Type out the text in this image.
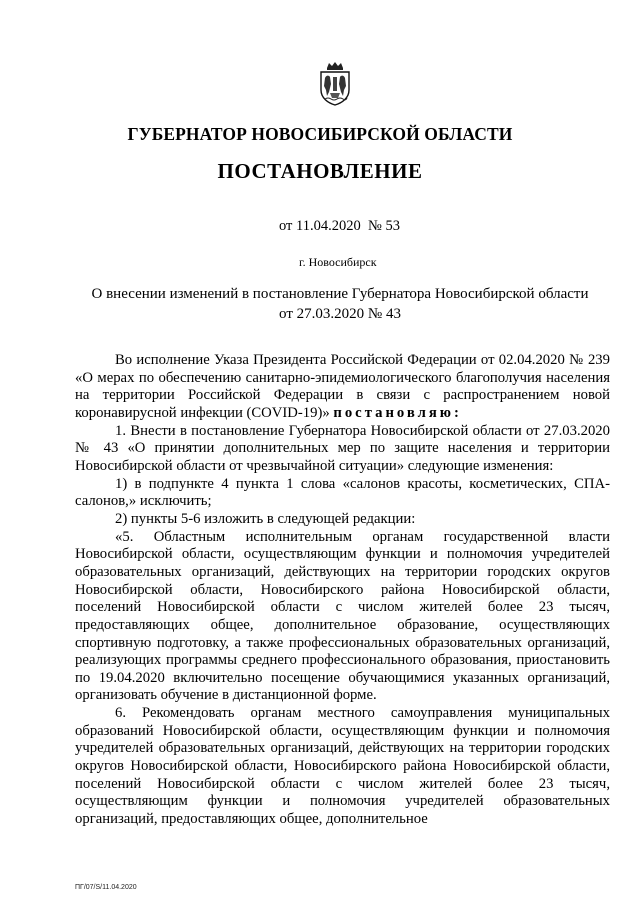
ГУБЕРНАТОР НОВОСИБИРСКОЙ ОБЛАСТИ
ПОСТАНОВЛЕНИЕ
от 11.04.2020  № 53
г. Новосибирск
О внесении изменений в постановление Губернатора Новосибирской области
от 27.03.2020 № 43

Во исполнение Указа Президента Российской Федерации от 02.04.2020 № 239 «О мерах по обеспечению санитарно-эпидемиологического благополучия населения на территории Российской Федерации в связи с распространением новой коронавирусной инфекции (COVID-19)» постановляю:

1. Внести в постановление Губернатора Новосибирской области от 27.03.2020 № 43 «О принятии дополнительных мер по защите населения и территории Новосибирской области от чрезвычайной ситуации» следующие изменения:

1) в подпункте 4 пункта 1 слова «салонов красоты, косметических, СПА-салонов,» исключить;

2) пункты 5-6 изложить в следующей редакции:

«5. Областным исполнительным органам государственной власти Новосибирской области, осуществляющим функции и полномочия учредителей образовательных организаций, действующих на территории городских округов Новосибирской области, Новосибирского района Новосибирской области, поселений Новосибирской области с числом жителей более 23 тысяч, предоставляющих общее, дополнительное образование, осуществляющих спортивную подготовку, а также профессиональных образовательных организаций, реализующих программы среднего профессионального образования, приостановить по 19.04.2020 включительно посещение обучающимися указанных организаций, организовать обучение в дистанционной форме.

6. Рекомендовать органам местного самоуправления муниципальных образований Новосибирской области, осуществляющим функции и полномочия учредителей образовательных организаций, действующих на территории городских округов Новосибирской области, Новосибирского района Новосибирской области, поселений Новосибирской области с числом жителей более 23 тысяч, осуществляющим функции и полномочия учредителей образовательных организаций, предоставляющих общее, дополнительное

ПГ/07/S/11.04.2020
